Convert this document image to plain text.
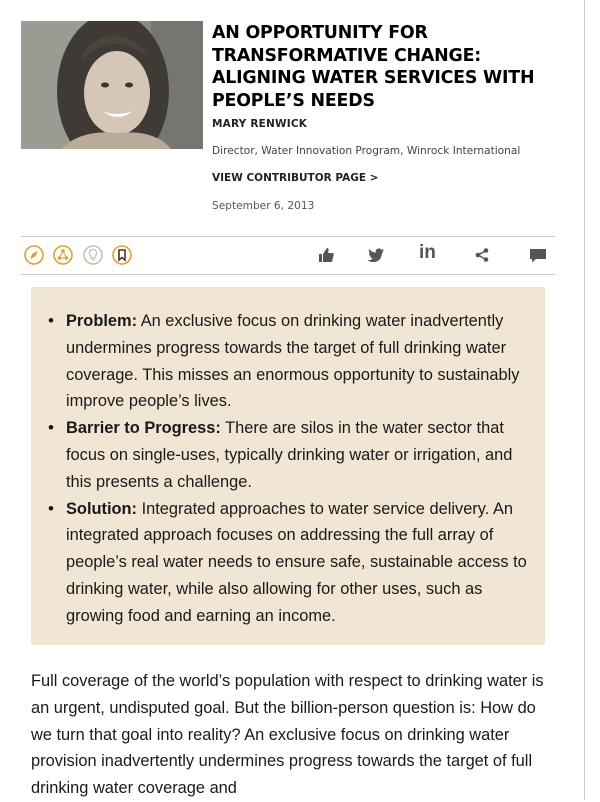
AN OPPORTUNITY FOR
TRANSFORMATIVE CHANGE:
ALIGNING WATER SERVICES WITH
PEOPLE’S NEEDS
MARY RENWICK
Director, Water Innovation Program, Winrock International
VIEW CONTRIBUTOR PAGE >
September 6, 2013
in
• Problem: An exclusive focus on drinking water inadvertently undermines progress towards the target of full drinking water coverage. This misses an enormous opportunity to sustainably improve people’s lives.
• Barrier to Progress: There are silos in the water sector that focus on single-uses, typically drinking water or irrigation, and this presents a challenge.
• Solution: Integrated approaches to water service delivery. An integrated approach focuses on addressing the full array of people’s real water needs to ensure safe, sustainable access to drinking water, while also allowing for other uses, such as growing food and earning an income.

Full coverage of the world’s population with respect to drinking water is an urgent, undisputed goal. But the billion-person question is: How do we turn that goal into reality? An exclusive focus on drinking water provision inadvertently undermines progress towards the target of full drinking water coverage and
